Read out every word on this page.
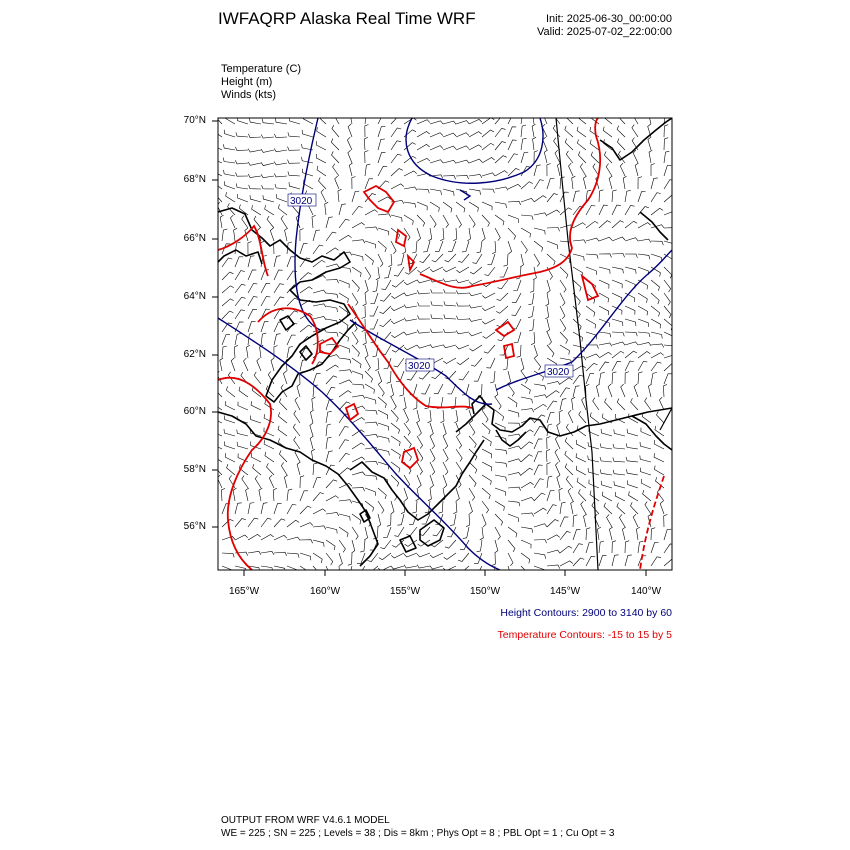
IWFAQRP Alaska Real Time WRF	Init: 2025-06-30_00:00:00
Valid: 2025-07-02_22:00:00
Temperature (C)
Height (m)
Winds (kts)
3020
3020
3020
70°N
68°N
66°N
64°N
62°N
60°N
58°N
56°N
165°W	160°W	155°W	150°W	145°W	140°W
Height Contours: 2900 to 3140 by 60
Temperature Contours: -15 to 15 by 5
OUTPUT FROM WRF V4.6.1 MODEL
WE = 225 ; SN = 225 ; Levels = 38 ; Dis = 8km ; Phys Opt = 8 ; PBL Opt = 1 ; Cu Opt = 3
